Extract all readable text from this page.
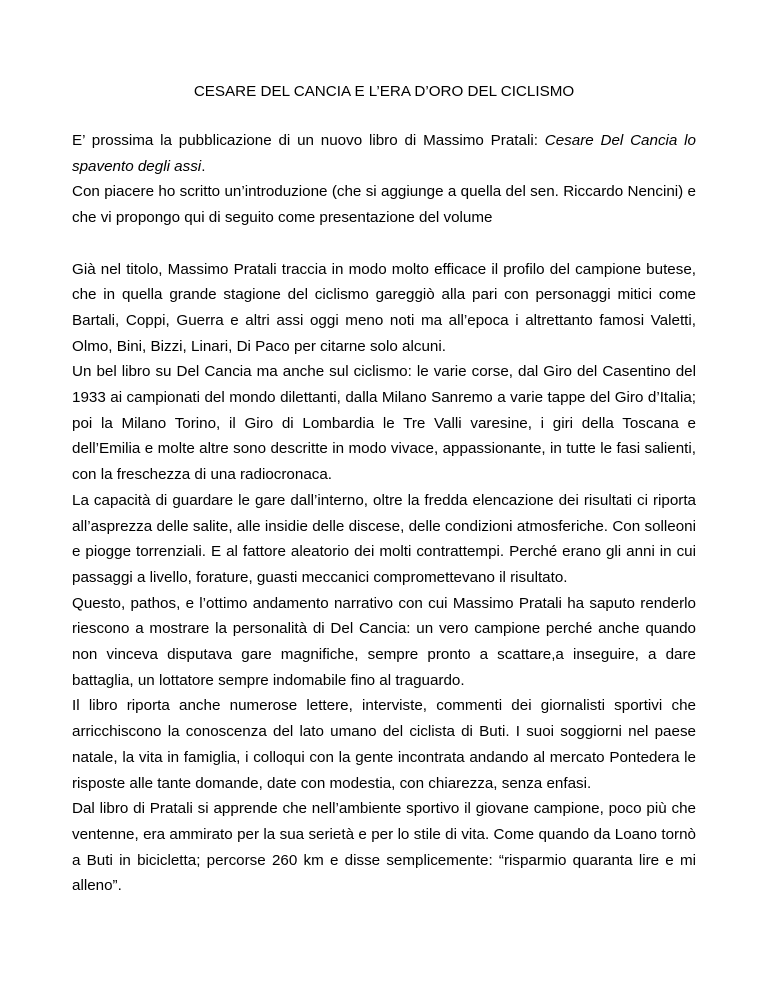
CESARE DEL CANCIA E L’ERA D’ORO DEL CICLISMO

E’ prossima la pubblicazione di un nuovo libro di Massimo Pratali: Cesare Del Cancia lo spavento degli assi.

Con piacere ho scritto un’introduzione (che si aggiunge a quella del sen. Riccardo Nencini) e che vi propongo qui di seguito come presentazione del volume

Già nel titolo, Massimo Pratali traccia in modo molto efficace il profilo del campione butese, che in quella grande stagione del ciclismo gareggiò alla pari con personaggi mitici come Bartali, Coppi, Guerra e altri assi oggi meno noti ma all’epoca i altrettanto famosi Valetti, Olmo, Bini, Bizzi, Linari, Di Paco per citarne solo alcuni.

Un bel libro su Del Cancia ma anche sul ciclismo: le varie corse, dal Giro del Casentino del 1933 ai campionati del mondo dilettanti, dalla Milano Sanremo a varie tappe del Giro d’Italia; poi la Milano Torino, il Giro di Lombardia le Tre Valli varesine, i giri della Toscana e dell’Emilia e molte altre sono descritte in modo vivace, appassionante, in tutte le fasi salienti, con la freschezza di una radiocronaca.

La capacità di guardare le gare dall’interno, oltre la fredda elencazione dei risultati ci riporta all’asprezza delle salite, alle insidie delle discese, delle condizioni atmosferiche. Con solleoni e piogge torrenziali. E al fattore aleatorio dei molti contrattempi. Perché erano gli anni in cui passaggi a livello, forature, guasti meccanici compromettevano il risultato.

Questo, pathos, e l’ottimo andamento narrativo con cui Massimo Pratali ha saputo renderlo riescono a mostrare la personalità di Del Cancia: un vero campione perché anche quando non vinceva disputava gare magnifiche, sempre pronto a scattare,a inseguire, a dare battaglia, un lottatore sempre indomabile fino al traguardo.

Il libro riporta anche numerose lettere, interviste, commenti dei giornalisti sportivi che arricchiscono la conoscenza del lato umano del ciclista di Buti. I suoi soggiorni nel paese natale, la vita in famiglia, i colloqui con la gente incontrata andando al mercato Pontedera le risposte alle tante domande, date con modestia, con chiarezza, senza enfasi.

Dal libro di Pratali si apprende che nell’ambiente sportivo il giovane campione, poco più che ventenne, era ammirato per la sua serietà e per lo stile di vita. Come quando da Loano tornò a Buti in bicicletta; percorse 260 km e disse semplicemente: “risparmio quaranta lire e mi alleno”.
